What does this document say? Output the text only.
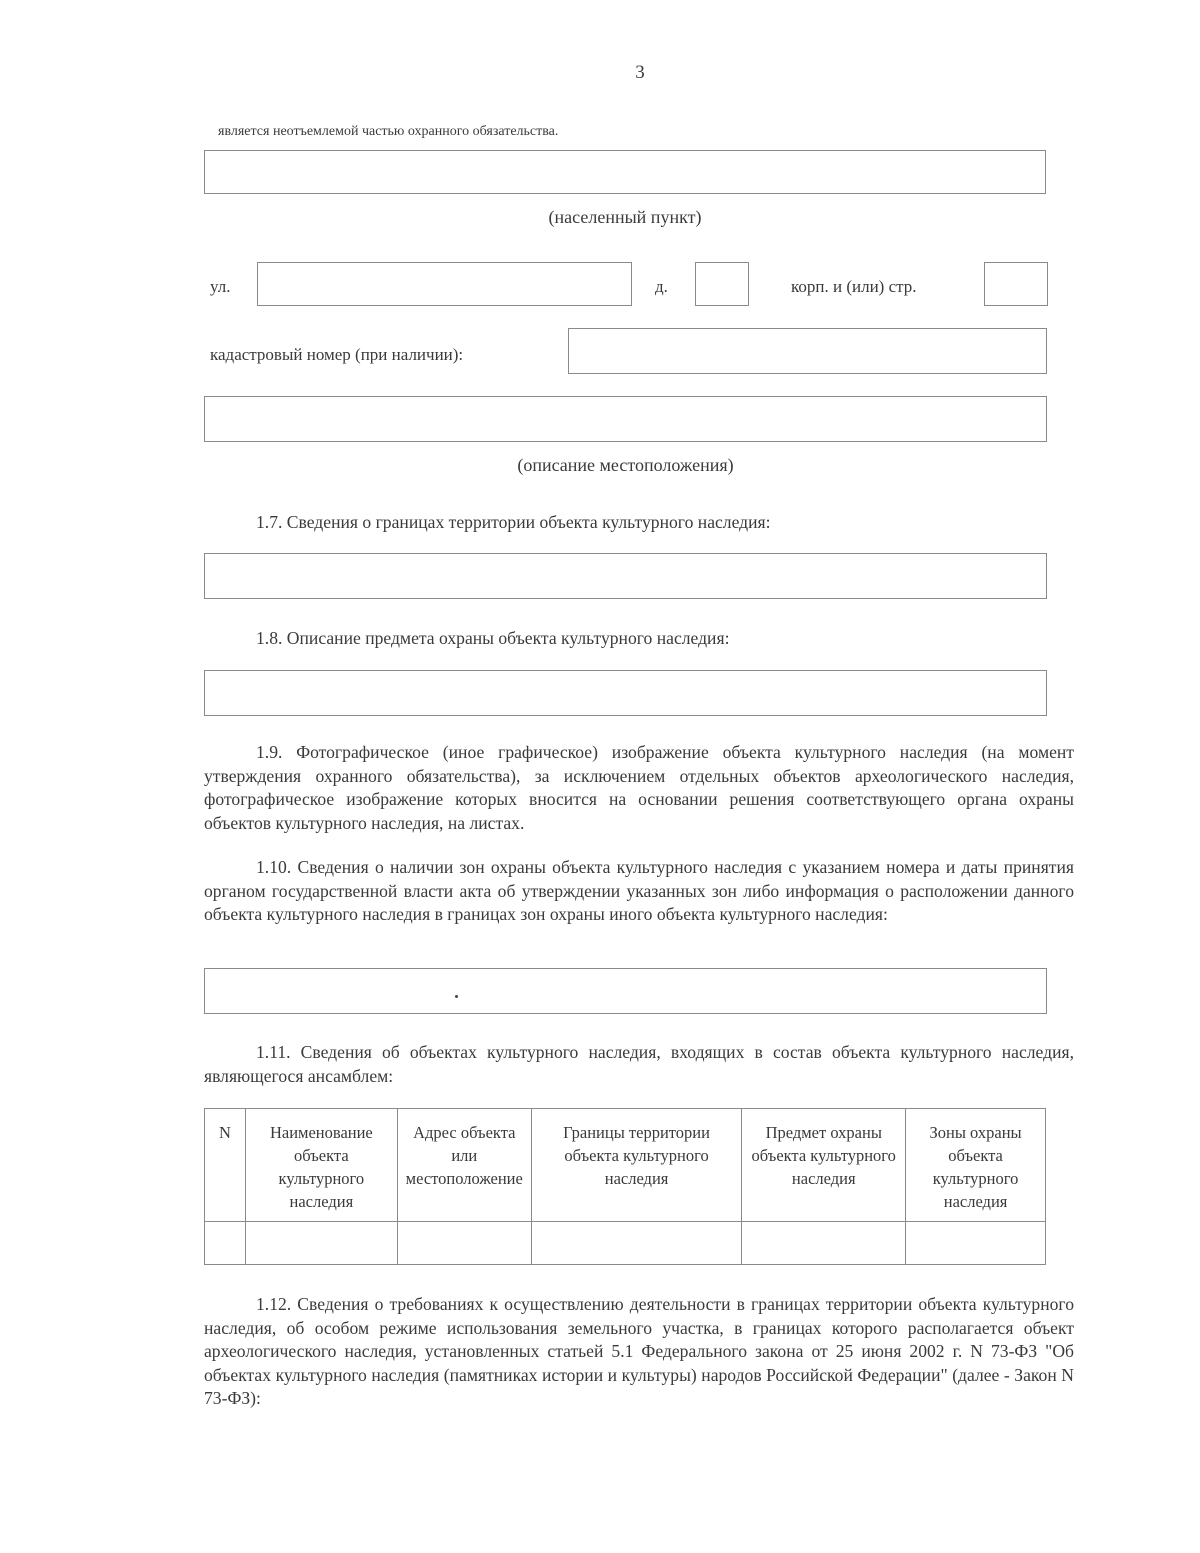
3
является неотъемлемой частью охранного обязательства.
(населенный пункт)
ул.	д.	корп. и (или) стр.
кадастровый номер (при наличии):
(описание местоположения)
1.7. Сведения о границах территории объекта культурного наследия:
1.8. Описание предмета охраны объекта культурного наследия:
1.9. Фотографическое (иное графическое) изображение объекта культурного наследия (на момент утверждения охранного обязательства), за исключением отдельных объектов археологического наследия, фотографическое изображение которых вносится на основании решения соответствующего органа охраны объектов культурного наследия, на листах.
1.10. Сведения о наличии зон охраны объекта культурного наследия с указанием номера и даты принятия органом государственной власти акта об утверждении указанных зон либо информация о расположении данного объекта культурного наследия в границах зон охраны иного объекта культурного наследия:
1.11. Сведения об объектах культурного наследия, входящих в состав объекта культурного наследия, являющегося ансамблем:
N	Наименование объекта культурного наследия	Адрес объекта или местоположение	Границы территории объекта культурного наследия	Предмет охраны объекта культурного наследия	Зоны охраны объекта культурного наследия

1.12. Сведения о требованиях к осуществлению деятельности в границах территории объекта культурного наследия, об особом режиме использования земельного участка, в границах которого располагается объект археологического наследия, установленных статьей 5.1 Федерального закона от 25 июня 2002 г. N 73-ФЗ "Об объектах культурного наследия (памятниках истории и культуры) народов Российской Федерации" (далее - Закон N 73-ФЗ):
